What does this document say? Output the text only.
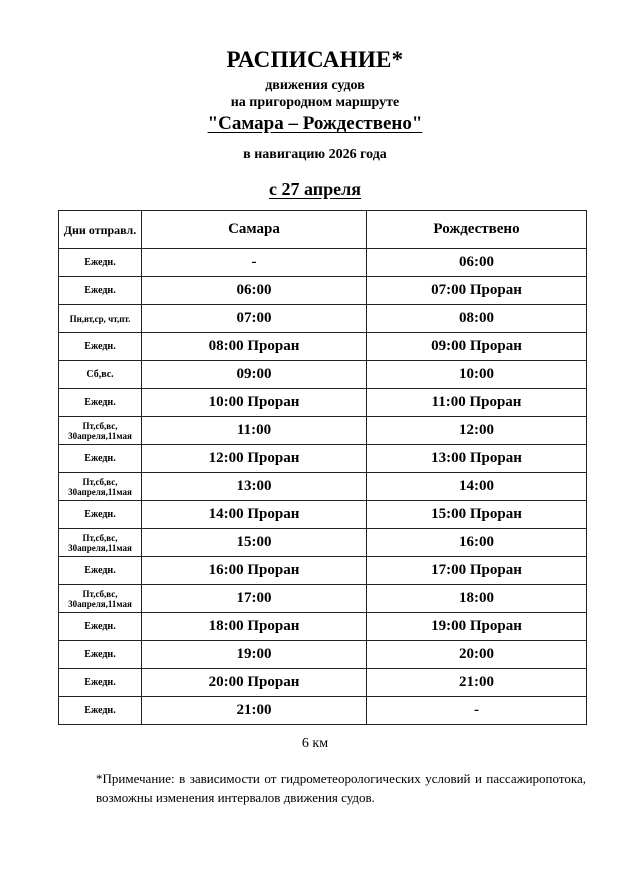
РАСПИСАНИЕ*
движения судов
на пригородном маршруте
"Самара – Рождествено"
в навигацию 2026 года
с 27 апреля
Дни отправл.	Самара	Рождествено
Ежедн.	-	06:00
Ежедн.	06:00	07:00 Проран
Пн,вт,ср, чт,пт.	07:00	08:00
Ежедн.	08:00 Проран	09:00 Проран
Сб,вс.	09:00	10:00
Ежедн.	10:00 Проран	11:00 Проран
Пт,сб,вс, 30апреля,11мая	11:00	12:00
Ежедн.	12:00 Проран	13:00 Проран
Пт,сб,вс, 30апреля,11мая	13:00	14:00
Ежедн.	14:00 Проран	15:00 Проран
Пт,сб,вс, 30апреля,11мая	15:00	16:00
Ежедн.	16:00 Проран	17:00 Проран
Пт,сб,вс, 30апреля,11мая	17:00	18:00
Ежедн.	18:00 Проран	19:00 Проран
Ежедн.	19:00	20:00
Ежедн.	20:00 Проран	21:00
Ежедн.	21:00	-
6 км
*Примечание: в зависимости от гидрометеорологических условий и пассажиропотока, возможны изменения интервалов движения судов.
